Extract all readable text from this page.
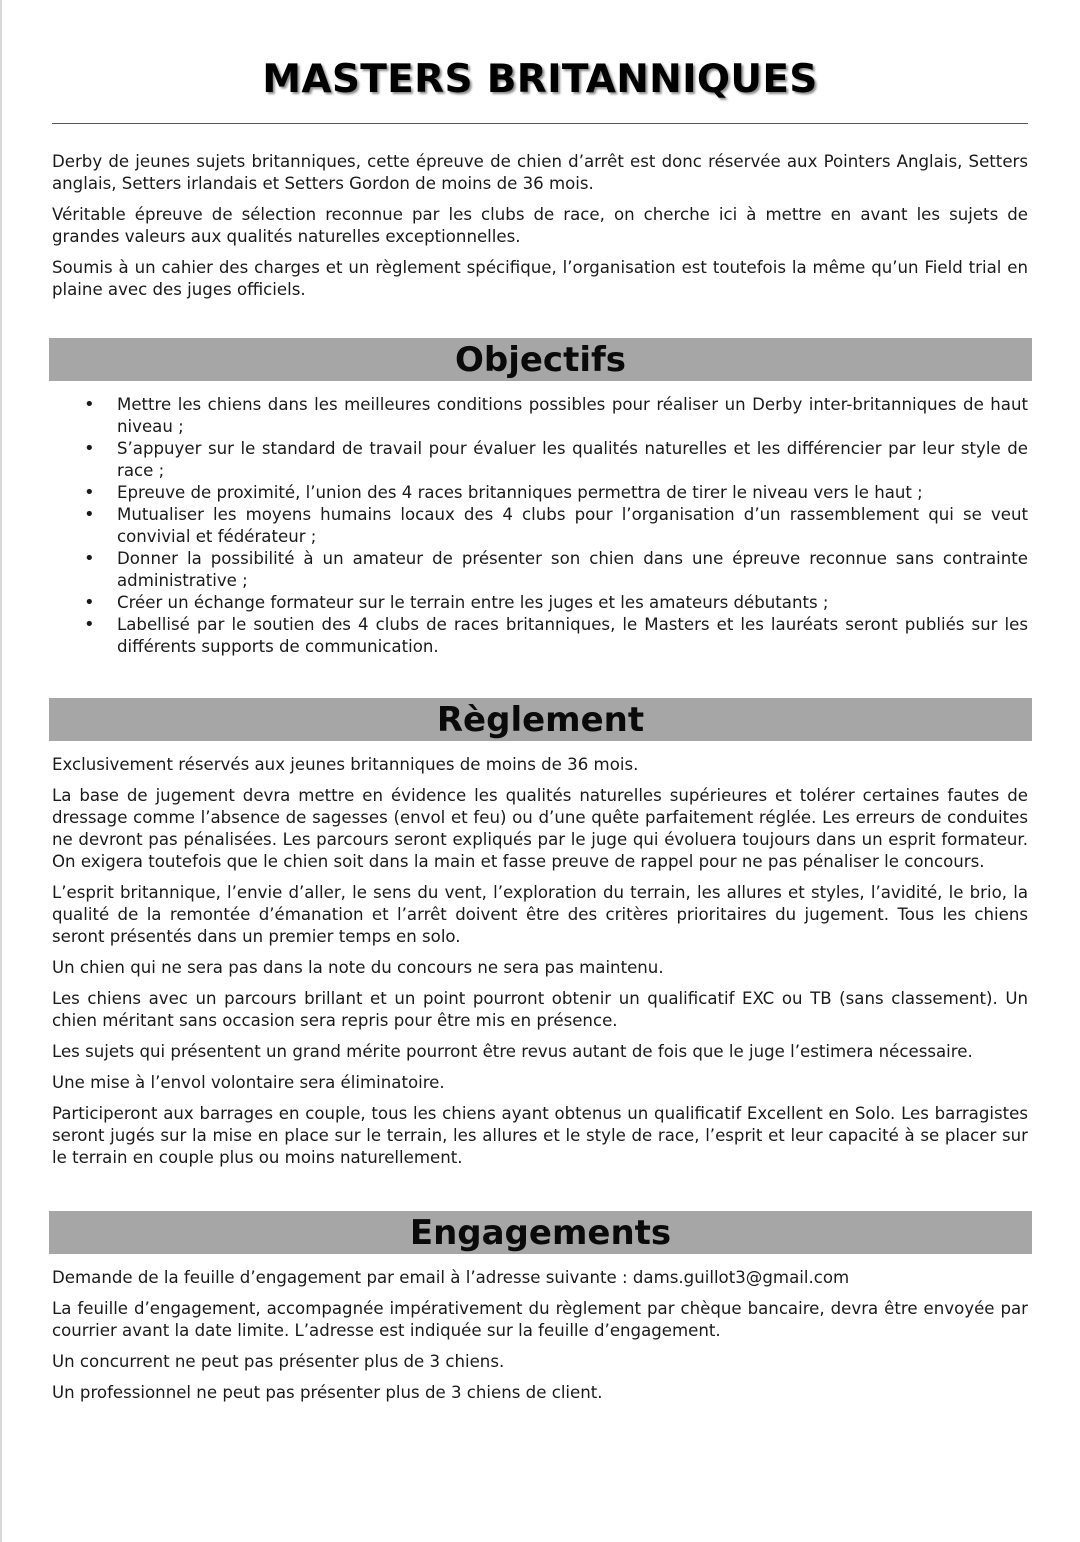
MASTERS BRITANNIQUES

Derby de jeunes sujets britanniques, cette épreuve de chien d’arrêt est donc réservée aux Pointers Anglais, Setters anglais, Setters irlandais et Setters Gordon de moins de 36 mois.

Véritable épreuve de sélection reconnue par les clubs de race, on cherche ici à mettre en avant les sujets de grandes valeurs aux qualités naturelles exceptionnelles.

Soumis à un cahier des charges et un règlement spécifique, l’organisation est toutefois la même qu’un Field trial en plaine avec des juges officiels.

Objectifs
• Mettre les chiens dans les meilleures conditions possibles pour réaliser un Derby inter-britanniques de haut niveau ;
• S’appuyer sur le standard de travail pour évaluer les qualités naturelles et les différencier par leur style de race ;
• Epreuve de proximité, l’union des 4 races britanniques permettra de tirer le niveau vers le haut ;
• Mutualiser les moyens humains locaux des 4 clubs pour l’organisation d’un rassemblement qui se veut convivial et fédérateur ;
• Donner la possibilité à un amateur de présenter son chien dans une épreuve reconnue sans contrainte administrative ;
• Créer un échange formateur sur le terrain entre les juges et les amateurs débutants ;
• Labellisé par le soutien des 4 clubs de races britanniques, le Masters et les lauréats seront publiés sur les différents supports de communication.
Règlement

Exclusivement réservés aux jeunes britanniques de moins de 36 mois.

La base de jugement devra mettre en évidence les qualités naturelles supérieures et tolérer certaines fautes de dressage comme l’absence de sagesses (envol et feu) ou d’une quête parfaitement réglée. Les erreurs de conduites ne devront pas pénalisées. Les parcours seront expliqués par le juge qui évoluera toujours dans un esprit formateur. On exigera toutefois que le chien soit dans la main et fasse preuve de rappel pour ne pas pénaliser le concours.

L’esprit britannique, l’envie d’aller, le sens du vent, l’exploration du terrain, les allures et styles, l’avidité, le brio, la qualité de la remontée d’émanation et l’arrêt doivent être des critères prioritaires du jugement. Tous les chiens seront présentés dans un premier temps en solo.

Un chien qui ne sera pas dans la note du concours ne sera pas maintenu.

Les chiens avec un parcours brillant et un point pourront obtenir un qualificatif EXC ou TB (sans classement). Un chien méritant sans occasion sera repris pour être mis en présence.

Les sujets qui présentent un grand mérite pourront être revus autant de fois que le juge l’estimera nécessaire.

Une mise à l’envol volontaire sera éliminatoire.

Participeront aux barrages en couple, tous les chiens ayant obtenus un qualificatif Excellent en Solo. Les barragistes seront jugés sur la mise en place sur le terrain, les allures et le style de race, l’esprit et leur capacité à se placer sur le terrain en couple plus ou moins naturellement.

Engagements

Demande de la feuille d’engagement par email à l’adresse suivante : dams.guillot3@gmail.com

La feuille d’engagement, accompagnée impérativement du règlement par chèque bancaire, devra être envoyée par courrier avant la date limite. L’adresse est indiquée sur la feuille d’engagement.

Un concurrent ne peut pas présenter plus de 3 chiens.

Un professionnel ne peut pas présenter plus de 3 chiens de client.
